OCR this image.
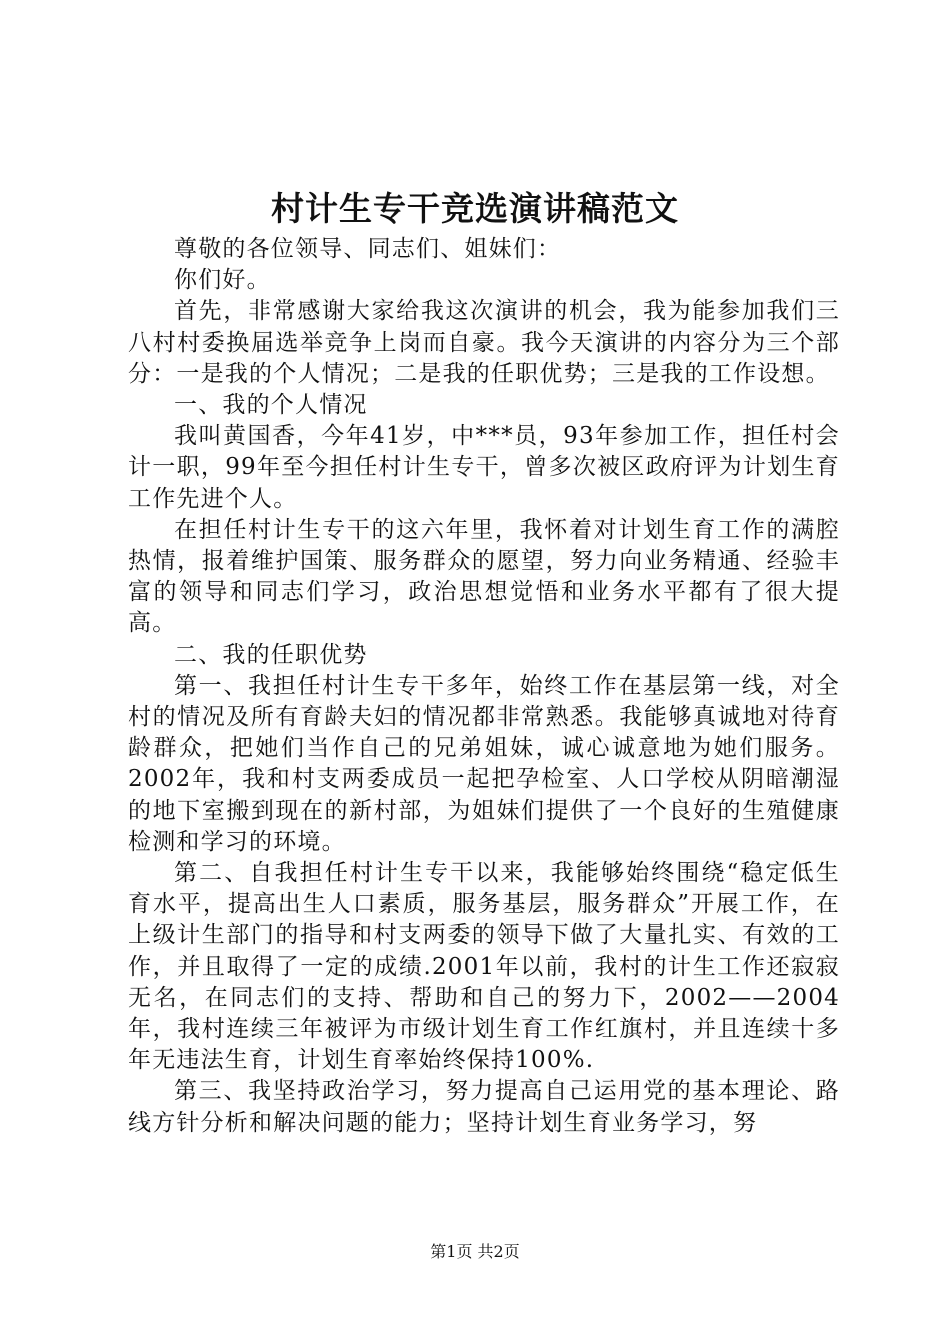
村计生专干竞选演讲稿范文

尊敬的各位领导、同志们、姐妹们：

你们好。

首先，非常感谢大家给我这次演讲的机会，我为能参加我们三八村村委换届选举竞争上岗而自豪。我今天演讲的内容分为三个部分：一是我的个人情况；二是我的任职优势；三是我的工作设想。

一、我的个人情况

我叫黄国香，今年41岁，中***员，93年参加工作，担任村会计一职，99年至今担任村计生专干，曾多次被区政府评为计划生育工作先进个人。

在担任村计生专干的这六年里，我怀着对计划生育工作的满腔热情，报着维护国策、服务群众的愿望，努力向业务精通、经验丰富的领导和同志们学习，政治思想觉悟和业务水平都有了很大提高。

二、我的任职优势

第一、我担任村计生专干多年，始终工作在基层第一线，对全村的情况及所有育龄夫妇的情况都非常熟悉。我能够真诚地对待育龄群众，把她们当作自己的兄弟姐妹，诚心诚意地为她们服务。2002年，我和村支两委成员一起把孕检室、人口学校从阴暗潮湿的地下室搬到现在的新村部，为姐妹们提供了一个良好的生殖健康检测和学习的环境。

第二、自我担任村计生专干以来，我能够始终围绕“稳定低生育水平，提高出生人口素质，服务基层，服务群众”开展工作，在上级计生部门的指导和村支两委的领导下做了大量扎实、有效的工作，并且取得了一定的成绩.2001年以前，我村的计生工作还寂寂无名，在同志们的支持、帮助和自己的努力下，2002——2004年，我村连续三年被评为市级计划生育工作红旗村，并且连续十多年无违法生育，计划生育率始终保持100%.

第三、我坚持政治学习，努力提高自己运用党的基本理论、路线方针分析和解决问题的能力；坚持计划生育业务学习，努

第1页 共2页
